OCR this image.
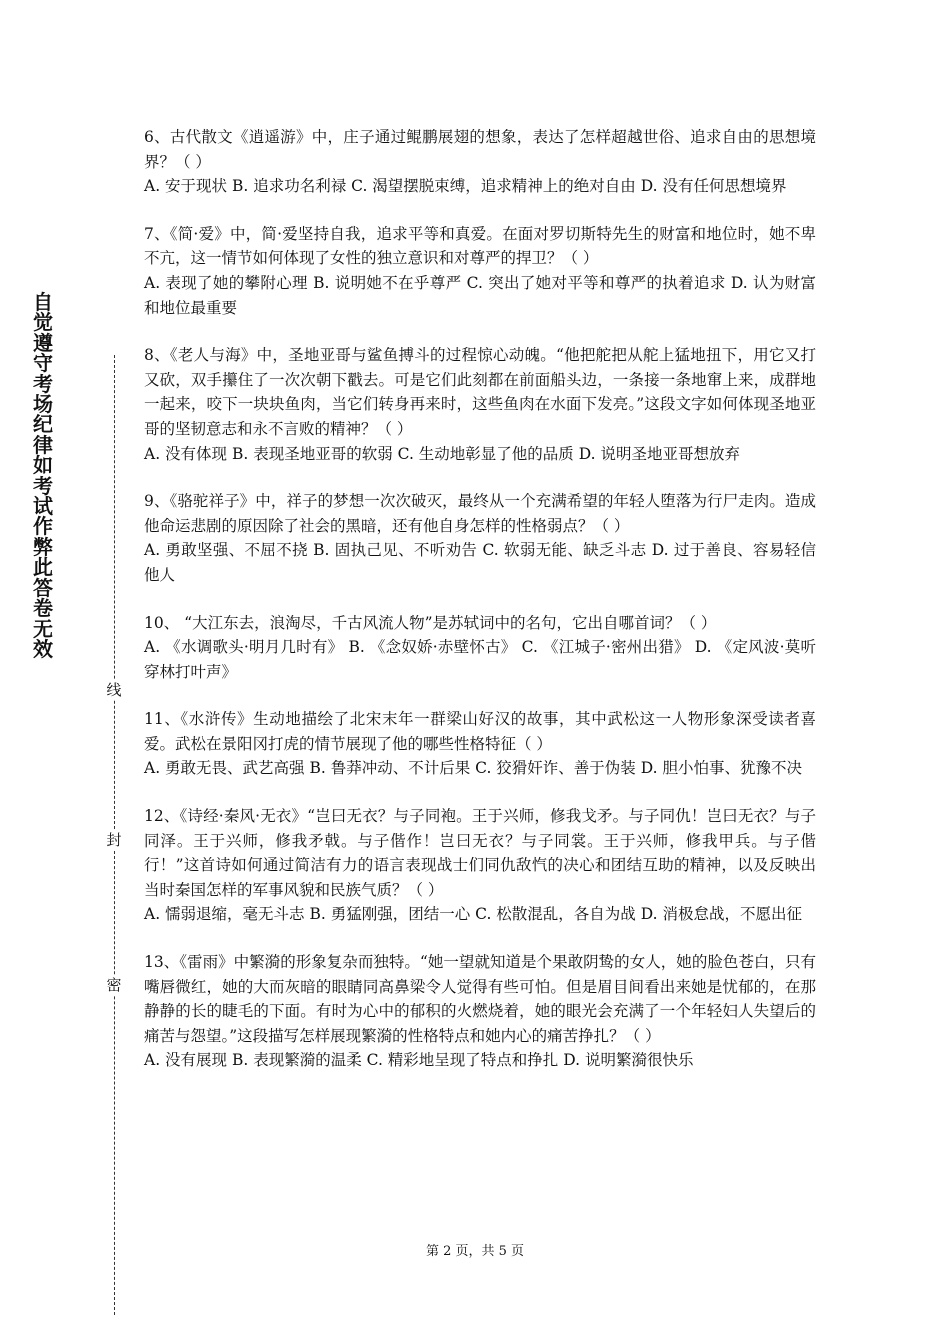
自觉遵守考场纪律如考试作弊此答卷无效
线
封
密
6、古代散文《逍遥游》中，庄子通过鲲鹏展翅的想象，表达了怎样超越世俗、追求自由的思想境界？（ ）
A. 安于现状 B. 追求功名利禄 C. 渴望摆脱束缚，追求精神上的绝对自由 D. 没有任何思想境界
7、《简·爱》中，简·爱坚持自我，追求平等和真爱。在面对罗切斯特先生的财富和地位时，她不卑不亢，这一情节如何体现了女性的独立意识和对尊严的捍卫？（ ）
A. 表现了她的攀附心理 B. 说明她不在乎尊严 C. 突出了她对平等和尊严的执着追求 D. 认为财富和地位最重要
8、《老人与海》中，圣地亚哥与鲨鱼搏斗的过程惊心动魄。“他把舵把从舵上猛地扭下，用它又打又砍，双手攥住了一次次朝下戳去。可是它们此刻都在前面船头边，一条接一条地窜上来，成群地一起来，咬下一块块鱼肉，当它们转身再来时，这些鱼肉在水面下发亮。”这段文字如何体现圣地亚哥的坚韧意志和永不言败的精神？（ ）
A. 没有体现 B. 表现圣地亚哥的软弱 C. 生动地彰显了他的品质 D. 说明圣地亚哥想放弃
9、《骆驼祥子》中，祥子的梦想一次次破灭，最终从一个充满希望的年轻人堕落为行尸走肉。造成他命运悲剧的原因除了社会的黑暗，还有他自身怎样的性格弱点？（ ）
A. 勇敢坚强、不屈不挠 B. 固执己见、不听劝告 C. 软弱无能、缺乏斗志 D. 过于善良、容易轻信他人
10、 “大江东去，浪淘尽，千古风流人物”是苏轼词中的名句，它出自哪首词？（ ）
A. 《水调歌头·明月几时有》 B. 《念奴娇·赤壁怀古》 C. 《江城子·密州出猎》 D. 《定风波·莫听穿林打叶声》
11、《水浒传》生动地描绘了北宋末年一群梁山好汉的故事，其中武松这一人物形象深受读者喜爱。武松在景阳冈打虎的情节展现了他的哪些性格特征（ ）
A. 勇敢无畏、武艺高强 B. 鲁莽冲动、不计后果 C. 狡猾奸诈、善于伪装 D. 胆小怕事、犹豫不决
12、《诗经·秦风·无衣》“岂曰无衣？与子同袍。王于兴师，修我戈矛。与子同仇！岂曰无衣？与子同泽。王于兴师，修我矛戟。与子偕作！岂曰无衣？与子同裳。王于兴师，修我甲兵。与子偕行！”这首诗如何通过简洁有力的语言表现战士们同仇敌忾的决心和团结互助的精神，以及反映出当时秦国怎样的军事风貌和民族气质？（ ）
A. 懦弱退缩，毫无斗志 B. 勇猛刚强，团结一心 C. 松散混乱，各自为战 D. 消极怠战，不愿出征
13、《雷雨》中繁漪的形象复杂而独特。“她一望就知道是个果敢阴鸷的女人，她的脸色苍白，只有嘴唇微红，她的大而灰暗的眼睛同高鼻梁令人觉得有些可怕。但是眉目间看出来她是忧郁的，在那静静的长的睫毛的下面。有时为心中的郁积的火燃烧着，她的眼光会充满了一个年轻妇人失望后的痛苦与怨望。”这段描写怎样展现繁漪的性格特点和她内心的痛苦挣扎？（ ）
A. 没有展现 B. 表现繁漪的温柔 C. 精彩地呈现了特点和挣扎 D. 说明繁漪很快乐
第 2 页，共 5 页
